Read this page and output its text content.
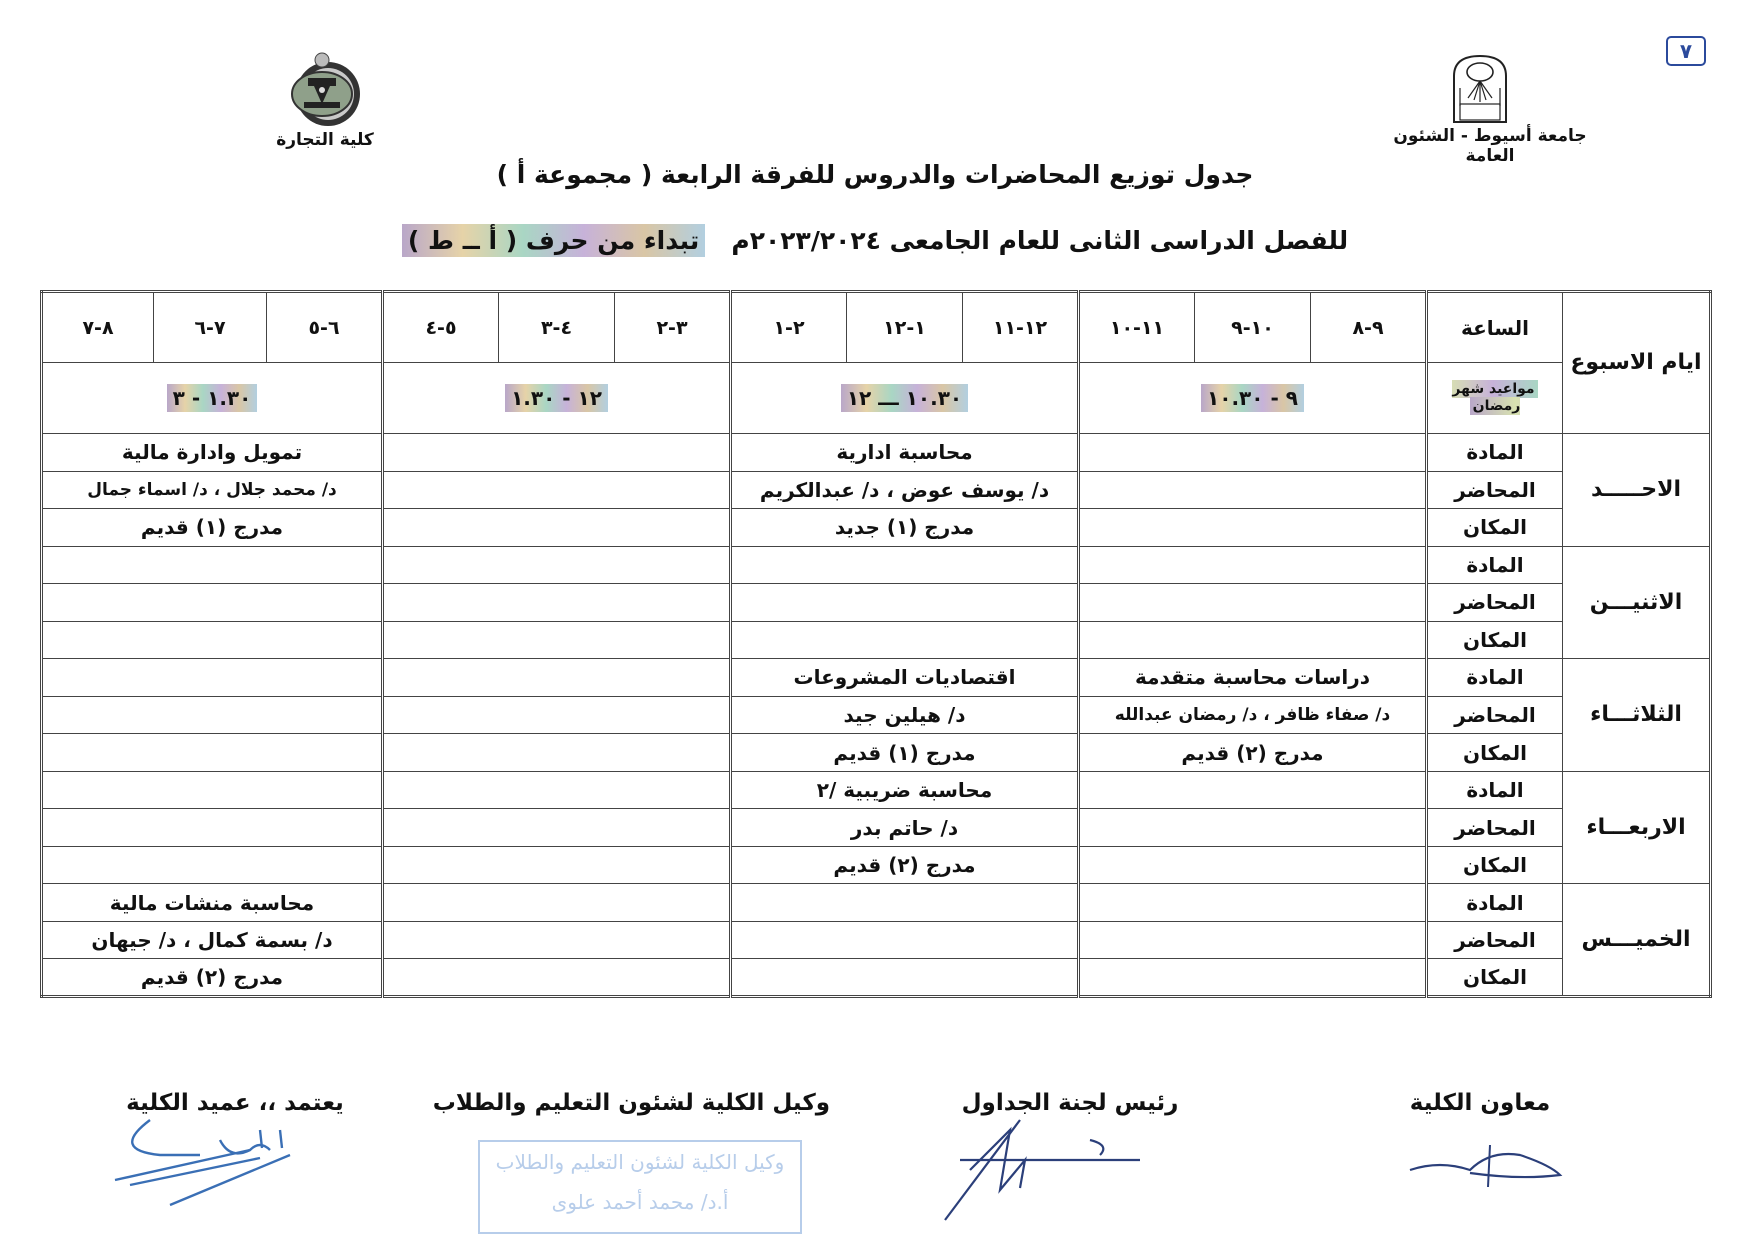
جامعة أسيوط - الشئون العامة
كلية التجارة
٧
جدول توزيع المحاضرات والدروس للفرقة الرابعة ( مجموعة أ )
للفصل الدراسى الثانى للعام الجامعى ٢٠٢٣/٢٠٢٤م   تبداء من حرف ( أ ــ ط )
ايام الاسبوع	الساعة	٩-٨	١٠-٩	١١-١٠	١٢-١١	١-١٢	٢-١	٣-٢	٤-٣	٥-٤	٦-٥	٧-٦	٨-٧
	مواعيد شهر رمضان	٩ - ١٠.٣٠			١٠.٣٠ ـــ ١٢			١٢ - ١.٣٠			١.٣٠ - ٣		
الاحـــــد	المادة				محاسبة ادارية						تمويل وادارة مالية		
	المحاضر				د/ يوسف عوض ، د/ عبدالكريم						د/ محمد جلال ، د/ اسماء جمال		
	المكان				مدرج (١) جديد						مدرج (١) قديم		
الاثنيـــن	المادة												
	المحاضر												
	المكان												
الثلاثـــاء	المادة	دراسات محاسبة متقدمة			اقتصاديات المشروعات								
	المحاضر	د/ صفاء ظافر ، د/ رمضان عبدالله			د/ هيلين جيد								
	المكان	مدرج (٢) قديم			مدرج (١) قديم								
الاربعـــاء	المادة				محاسبة ضريبية /٢								
	المحاضر				د/ حاتم بدر								
	المكان				مدرج (٢) قديم								
الخميـــس	المادة										محاسبة منشات مالية		
	المحاضر										د/ بسمة كمال ، د/ جيهان		
	المكان										مدرج (٢) قديم		
معاون الكلية
رئيس لجنة الجداول
وكيل الكلية لشئون التعليم والطلاب
يعتمد ،، عميد الكلية
وكيل الكلية لشئون التعليم والطلاب أ.د/ محمد أحمد علوى
